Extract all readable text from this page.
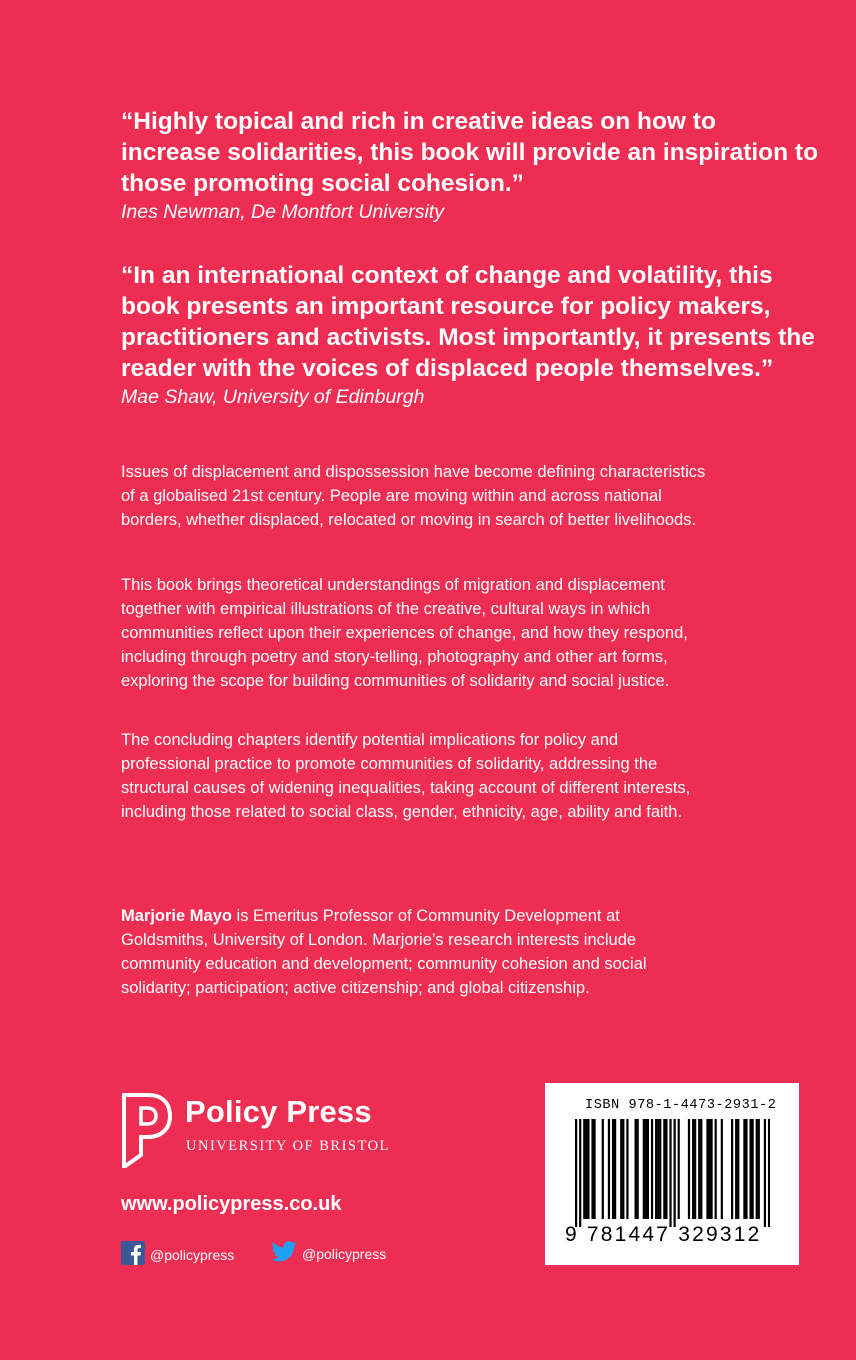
“Highly topical and rich in creative ideas on how to increase solidarities, this book will provide an inspiration to those promoting social cohesion.”
Ines Newman, De Montfort University
“In an international context of change and volatility, this book presents an important resource for policy makers, practitioners and activists. Most importantly, it presents the reader with the voices of displaced people themselves.”
Mae Shaw, University of Edinburgh
Issues of displacement and dispossession have become defining characteristics of a globalised 21st century. People are moving within and across national borders, whether displaced, relocated or moving in search of better livelihoods.
This book brings theoretical understandings of migration and displacement together with empirical illustrations of the creative, cultural ways in which communities reflect upon their experiences of change, and how they respond, including through poetry and story-telling, photography and other art forms, exploring the scope for building communities of solidarity and social justice.
The concluding chapters identify potential implications for policy and professional practice to promote communities of solidarity, addressing the structural causes of widening inequalities, taking account of different interests, including those related to social class, gender, ethnicity, age, ability and faith.
Marjorie Mayo is Emeritus Professor of Community Development at Goldsmiths, University of London. Marjorie’s research interests include community education and development; community cohesion and social solidarity; participation; active citizenship; and global citizenship.
Policy Press
UNIVERSITY OF BRISTOL
www.policypress.co.uk
@policypress	@policypress
ISBN 978-1-4473-2931-2
9 781447 329312
